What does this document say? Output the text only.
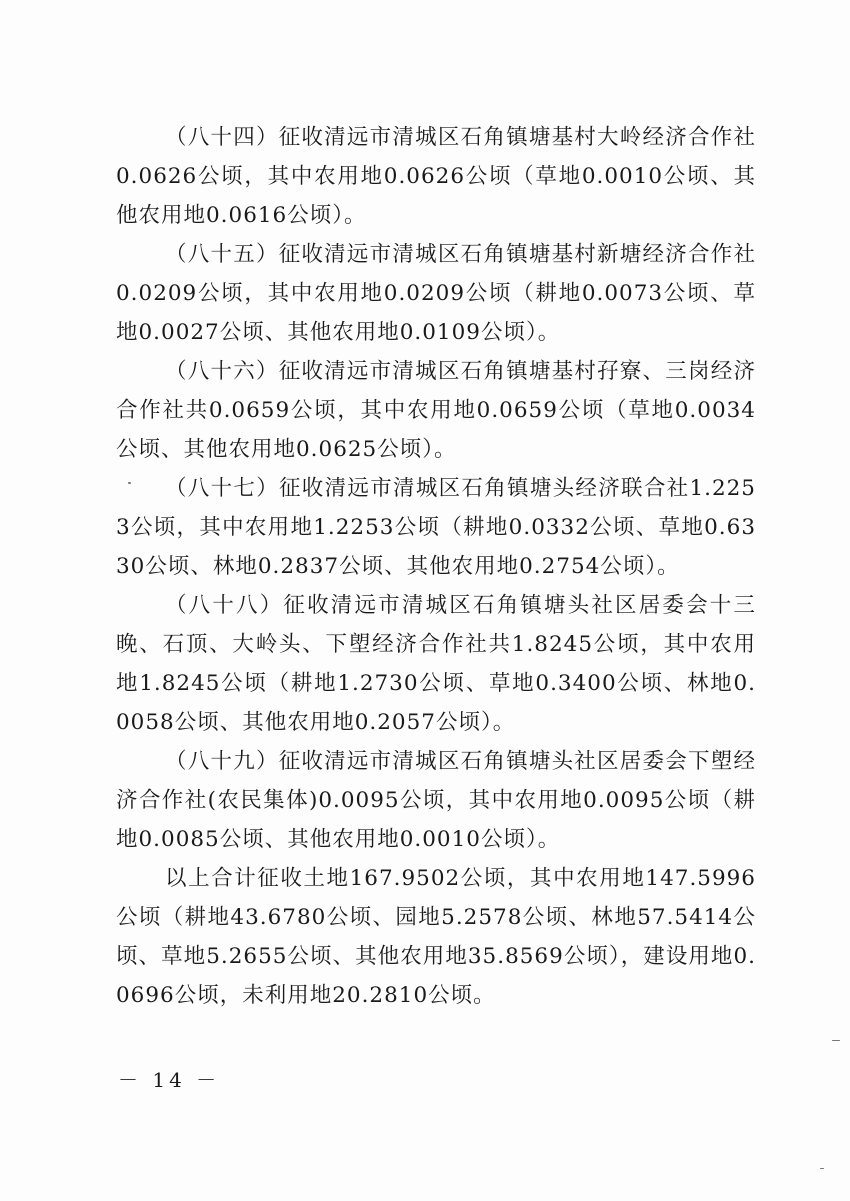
（八十四）征收清远市清城区石角镇塘基村大岭经济合作社0.0626公顷，其中农用地0.0626公顷（草地0.0010公顷、其他农用地0.0616公顷）。

（八十五）征收清远市清城区石角镇塘基村新塘经济合作社0.0209公顷，其中农用地0.0209公顷（耕地0.0073公顷、草地0.0027公顷、其他农用地0.0109公顷）。

（八十六）征收清远市清城区石角镇塘基村孖寮、三岗经济合作社共0.0659公顷，其中农用地0.0659公顷（草地0.0034公顷、其他农用地0.0625公顷）。

（八十七）征收清远市清城区石角镇塘头经济联合社1.2253公顷，其中农用地1.2253公顷（耕地0.0332公顷、草地0.6330公顷、林地0.2837公顷、其他农用地0.2754公顷）。

（八十八）征收清远市清城区石角镇塘头社区居委会十三晚、石顶、大岭头、下塱经济合作社共1.8245公顷，其中农用地1.8245公顷（耕地1.2730公顷、草地0.3400公顷、林地0.0058公顷、其他农用地0.2057公顷）。

（八十九）征收清远市清城区石角镇塘头社区居委会下塱经济合作社(农民集体)0.0095公顷，其中农用地0.0095公顷（耕地0.0085公顷、其他农用地0.0010公顷）。

以上合计征收土地167.9502公顷，其中农用地147.5996公顷（耕地43.6780公顷、园地5.2578公顷、林地57.5414公顷、草地5.2655公顷、其他农用地35.8569公顷），建设用地0.0696公顷，未利用地20.2810公顷。

－ 14 －
